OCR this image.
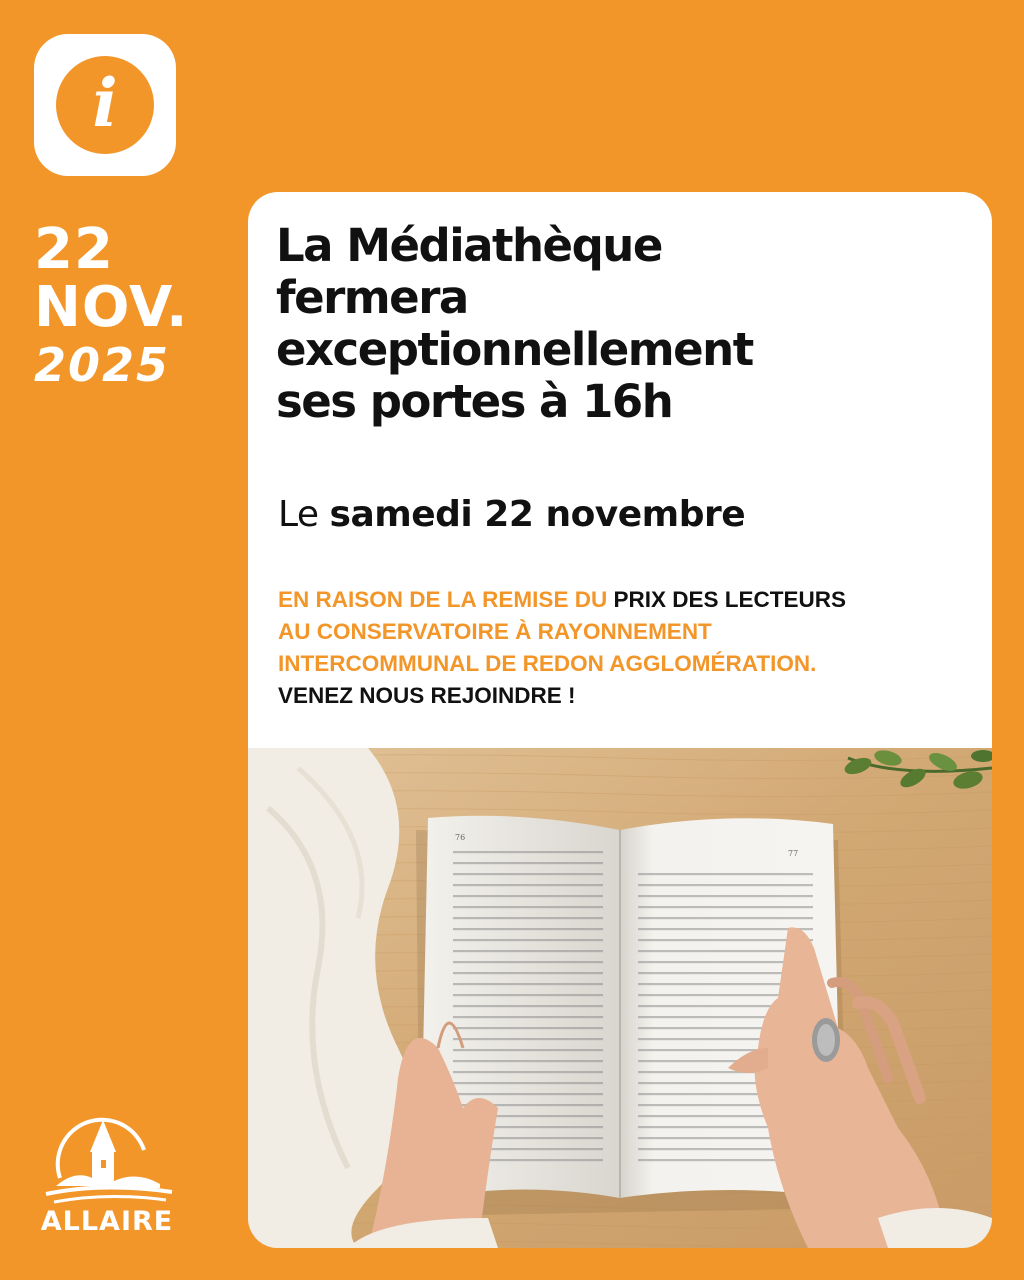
i
22
NOV.
2025
La Médiathèque
fermera
exceptionnellement
ses portes à 16h
Le samedi 22 novembre
EN RAISON DE LA REMISE DU PRIX DES LECTEURS
AU CONSERVATOIRE À RAYONNEMENT
INTERCOMMUNAL DE REDON AGGLOMÉRATION.
VENEZ NOUS REJOINDRE !
76
77
ALLAIRE
